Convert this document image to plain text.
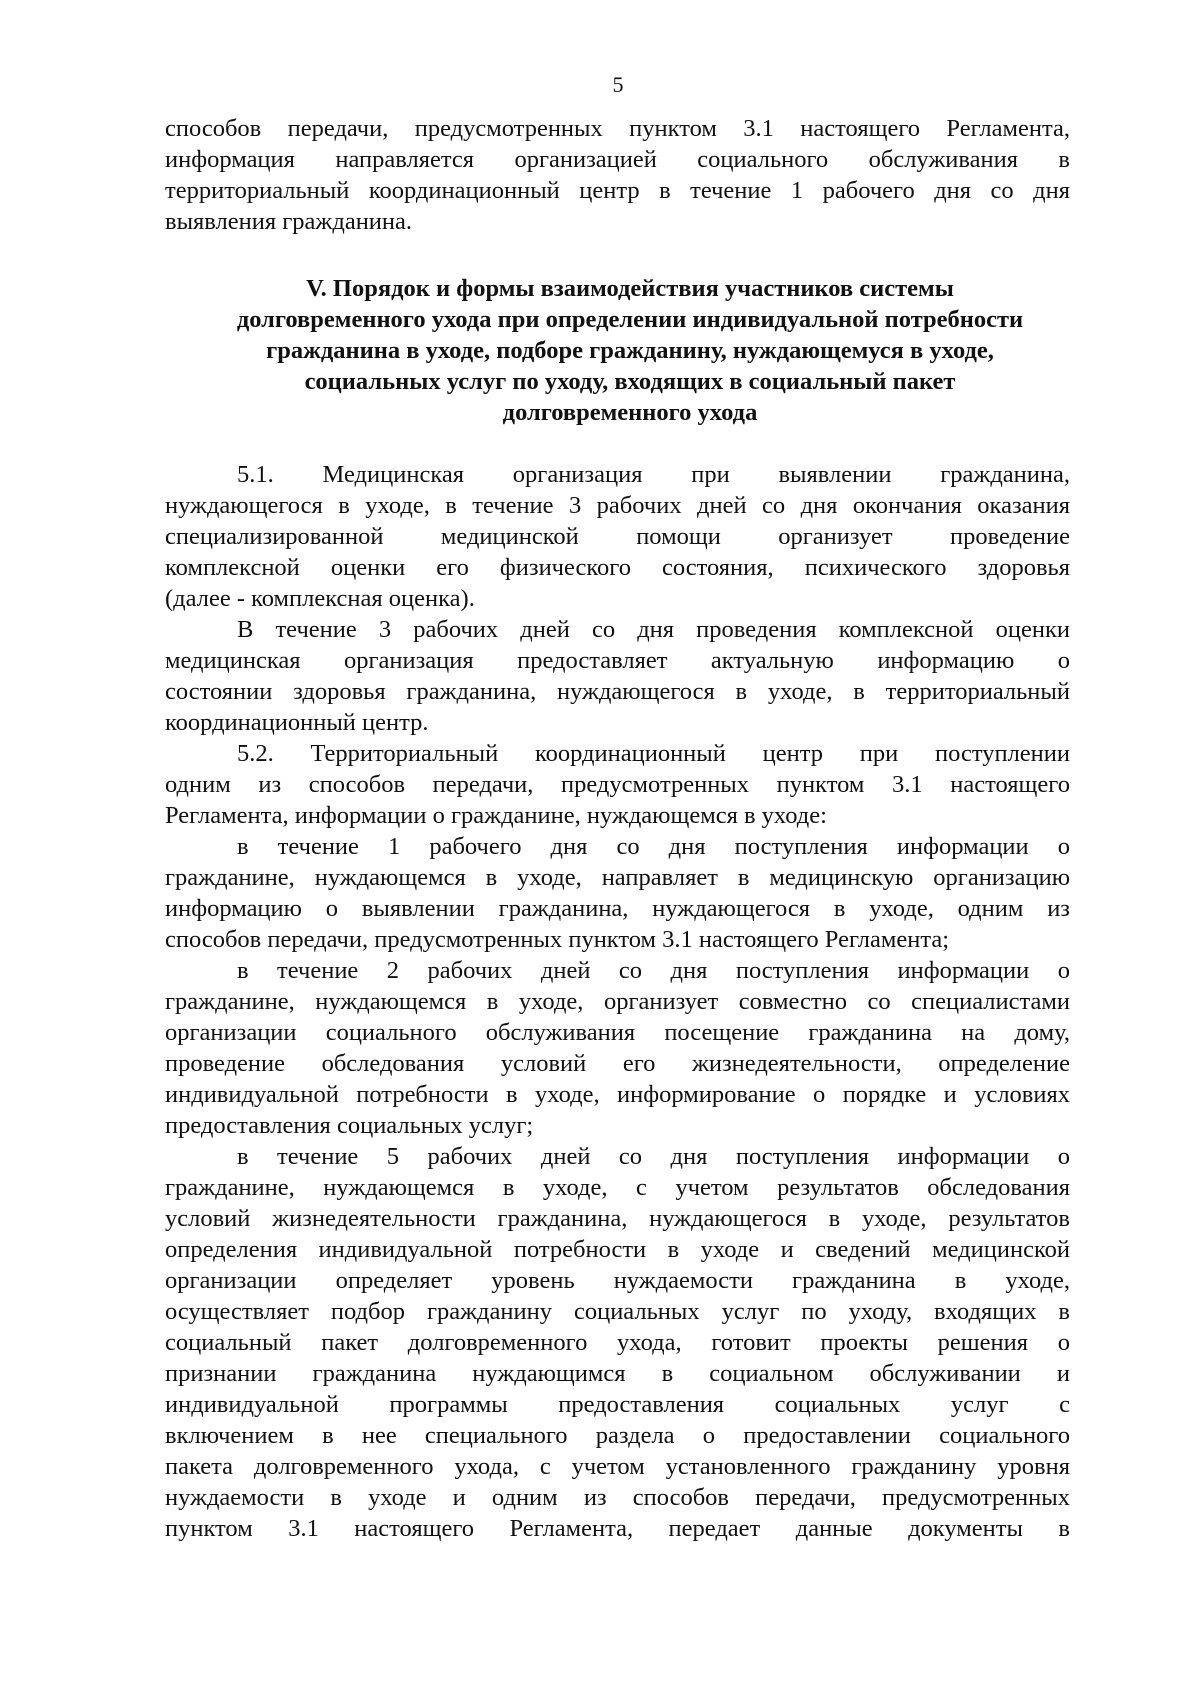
5
способов передачи, предусмотренных пунктом 3.1 настоящего Регламента,
информация направляется организацией социального обслуживания в
территориальный координационный центр в течение 1 рабочего дня со дня
выявления гражданина.
V. Порядок и формы взаимодействия участников системы
долговременного ухода при определении индивидуальной потребности
гражданина в уходе, подборе гражданину, нуждающемуся в уходе,
социальных услуг по уходу, входящих в социальный пакет
долговременного ухода
5.1. Медицинская организация при выявлении гражданина,
нуждающегося в уходе, в течение 3 рабочих дней со дня окончания оказания
специализированной медицинской помощи организует проведение
комплексной оценки его физического состояния, психического здоровья
(далее - комплексная оценка).
В течение 3 рабочих дней со дня проведения комплексной оценки
медицинская организация предоставляет актуальную информацию о
состоянии здоровья гражданина, нуждающегося в уходе, в территориальный
координационный центр.
5.2. Территориальный координационный центр при поступлении
одним из способов передачи, предусмотренных пунктом 3.1 настоящего
Регламента, информации о гражданине, нуждающемся в уходе:
в течение 1 рабочего дня со дня поступления информации о
гражданине, нуждающемся в уходе, направляет в медицинскую организацию
информацию о выявлении гражданина, нуждающегося в уходе, одним из
способов передачи, предусмотренных пунктом 3.1 настоящего Регламента;
в течение 2 рабочих дней со дня поступления информации о
гражданине, нуждающемся в уходе, организует совместно со специалистами
организации социального обслуживания посещение гражданина на дому,
проведение обследования условий его жизнедеятельности, определение
индивидуальной потребности в уходе, информирование о порядке и условиях
предоставления социальных услуг;
в течение 5 рабочих дней со дня поступления информации о
гражданине, нуждающемся в уходе, с учетом результатов обследования
условий жизнедеятельности гражданина, нуждающегося в уходе, результатов
определения индивидуальной потребности в уходе и сведений медицинской
организации определяет уровень нуждаемости гражданина в уходе,
осуществляет подбор гражданину социальных услуг по уходу, входящих в
социальный пакет долговременного ухода, готовит проекты решения о
признании гражданина нуждающимся в социальном обслуживании и
индивидуальной программы предоставления социальных услуг с
включением в нее специального раздела о предоставлении социального
пакета долговременного ухода, с учетом установленного гражданину уровня
нуждаемости в уходе и одним из способов передачи, предусмотренных
пунктом 3.1 настоящего Регламента, передает данные документы в
